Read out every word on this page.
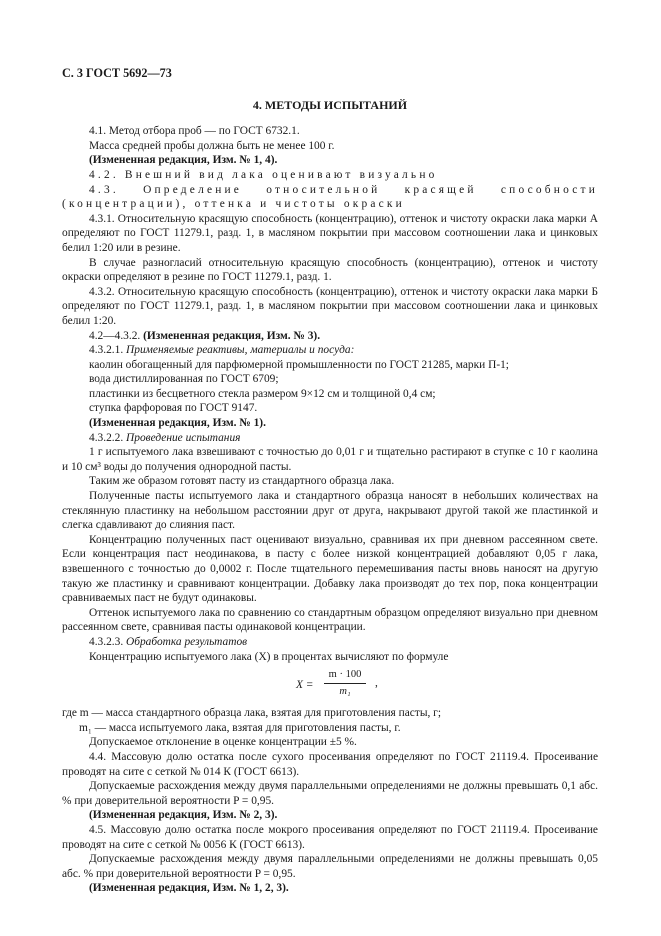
С. 3 ГОСТ 5692—73
4. МЕТОДЫ ИСПЫТАНИЙ

4.1. Метод отбора проб — по ГОСТ 6732.1.

Масса средней пробы должна быть не менее 100 г.

(Измененная редакция, Изм. № 1, 4).

4.2. Внешний вид лака оценивают визуально

4.3. Определение относительной красящей способности (концентрации), оттенка и чистоты окраски

4.3.1. Относительную красящую способность (концентрацию), оттенок и чистоту окраски лака марки А определяют по ГОСТ 11279.1, разд. 1, в масляном покрытии при массовом соотношении лака и цинковых белил 1:20 или в резине.

В случае разногласий относительную красящую способность (концентрацию), оттенок и чистоту окраски определяют в резине по ГОСТ 11279.1, разд. 1.

4.3.2. Относительную красящую способность (концентрацию), оттенок и чистоту окраски лака марки Б определяют по ГОСТ 11279.1, разд. 1, в масляном покрытии при массовом соотношении лака и цинковых белил 1:20.

4.2—4.3.2. (Измененная редакция, Изм. № 3).

4.3.2.1. Применяемые реактивы, материалы и посуда:

каолин обогащенный для парфюмерной промышленности по ГОСТ 21285, марки П-1;

вода дистиллированная по ГОСТ 6709;

пластинки из бесцветного стекла размером 9×12 см и толщиной 0,4 см;

ступка фарфоровая по ГОСТ 9147.

(Измененная редакция, Изм. № 1).

4.3.2.2. Проведение испытания

1 г испытуемого лака взвешивают с точностью до 0,01 г и тщательно растирают в ступке с 10 г каолина и 10 см³ воды до получения однородной пасты.

Таким же образом готовят пасту из стандартного образца лака.

Полученные пасты испытуемого лака и стандартного образца наносят в небольших количествах на стеклянную пластинку на небольшом расстоянии друг от друга, накрывают другой такой же пластинкой и слегка сдавливают до слияния паст.

Концентрацию полученных паст оценивают визуально, сравнивая их при дневном рассеянном свете. Если концентрация паст неодинакова, в пасту с более низкой концентрацией добавляют 0,05 г лака, взвешенного с точностью до 0,0002 г. После тщательного перемешивания пасты вновь наносят на другую такую же пластинку и сравнивают концентрации. Добавку лака производят до тех пор, пока концентрации сравниваемых паст не будут одинаковы.

Оттенок испытуемого лака по сравнению со стандартным образцом определяют визуально при дневном рассеянном свете, сравнивая пасты одинаковой концентрации.

4.3.2.3. Обработка результатов

Концентрацию испытуемого лака (X) в процентах вычисляют по формуле

X =
m · 100
m₁
,

где m — масса стандартного образца лака, взятая для приготовления пасты, г;

m₁ — масса испытуемого лака, взятая для приготовления пасты, г.

Допускаемое отклонение в оценке концентрации ±5 %.

4.4. Массовую долю остатка после сухого просеивания определяют по ГОСТ 21119.4. Просеивание проводят на сите с сеткой № 014 К (ГОСТ 6613).

Допускаемые расхождения между двумя параллельными определениями не должны превышать 0,1 абс. % при доверительной вероятности P = 0,95.

(Измененная редакция, Изм. № 2, 3).

4.5. Массовую долю остатка после мокрого просеивания определяют по ГОСТ 21119.4. Просеивание проводят на сите с сеткой № 0056 К (ГОСТ 6613).

Допускаемые расхождения между двумя параллельными определениями не должны превышать 0,05 абс. % при доверительной вероятности P = 0,95.

(Измененная редакция, Изм. № 1, 2, 3).
